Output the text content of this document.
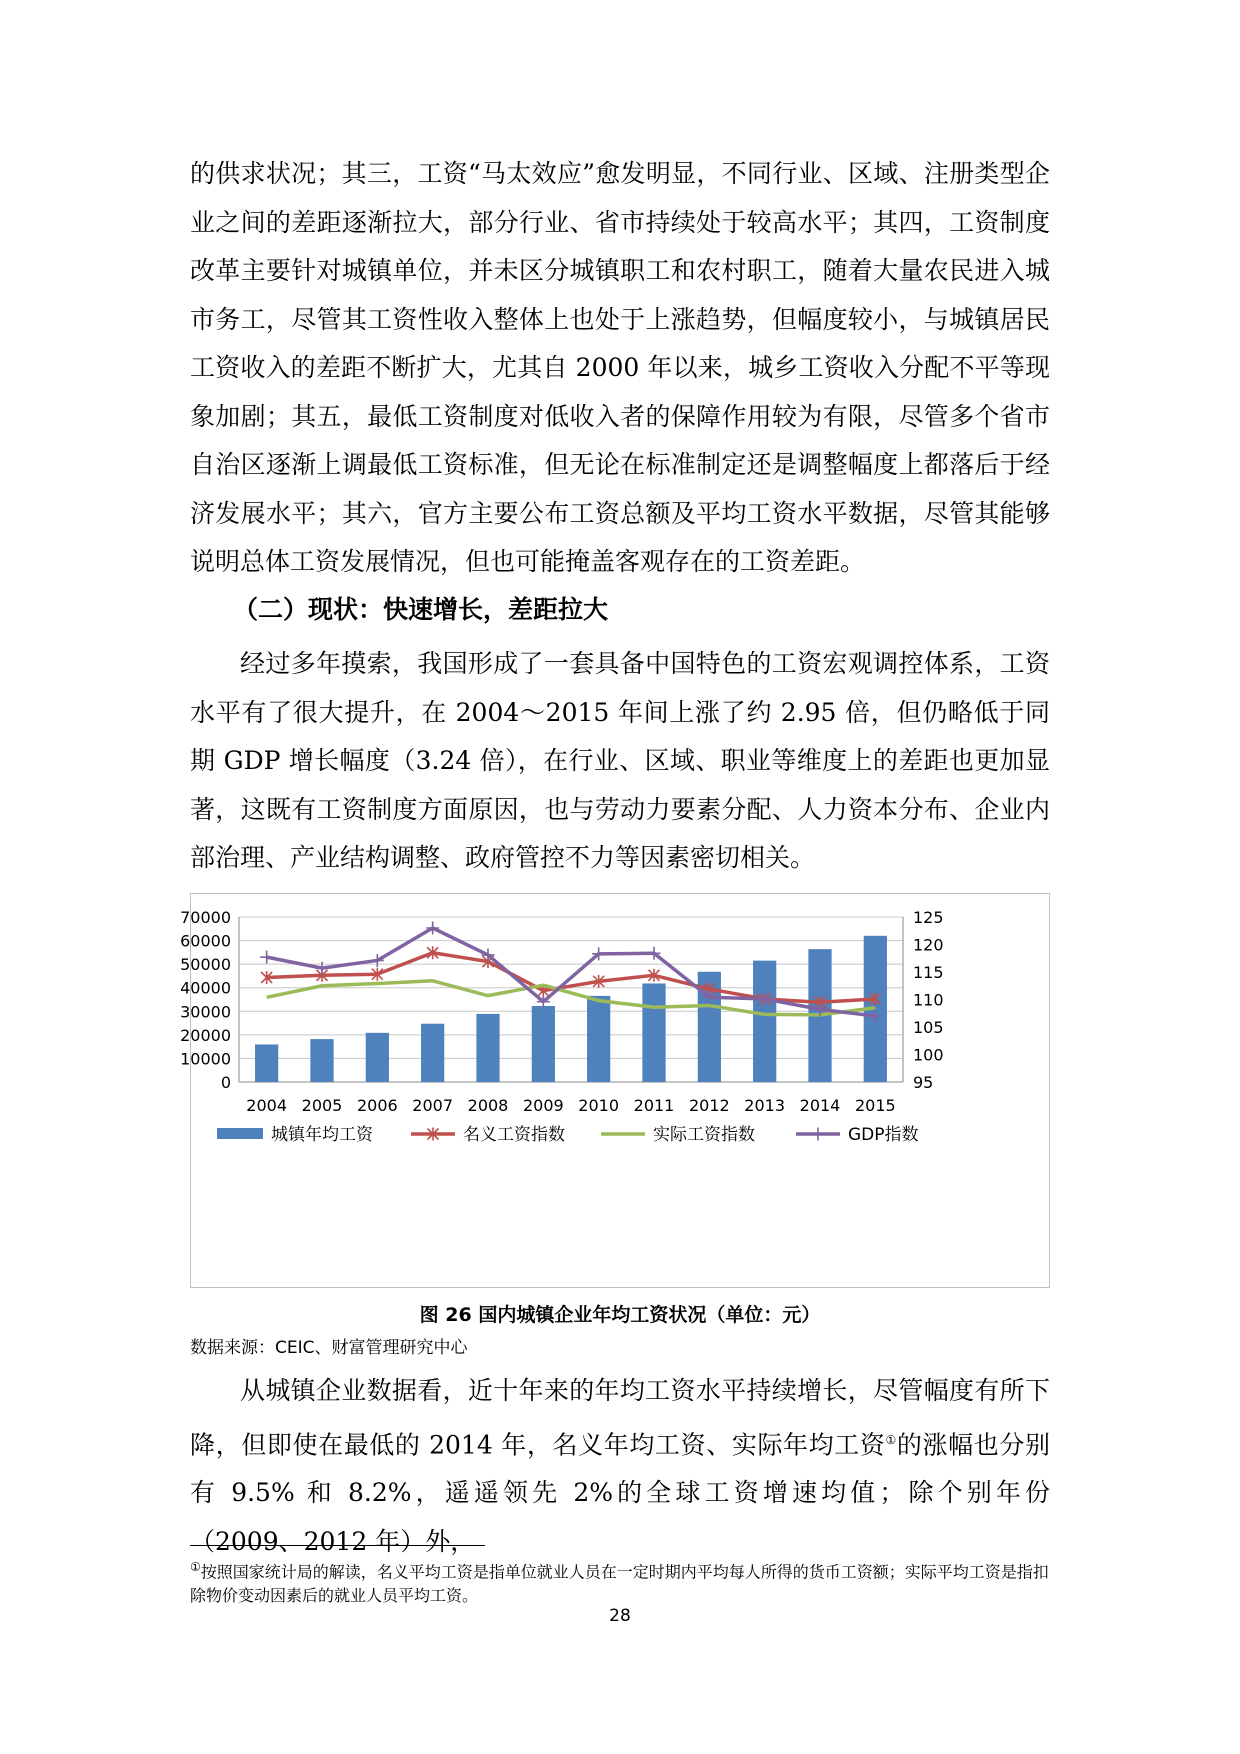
的供求状况；其三，工资“马太效应”愈发明显，不同行业、区域、注册类型企业之间的差距逐渐拉大，部分行业、省市持续处于较高水平；其四，工资制度改革主要针对城镇单位，并未区分城镇职工和农村职工，随着大量农民进入城市务工，尽管其工资性收入整体上也处于上涨趋势，但幅度较小，与城镇居民工资收入的差距不断扩大，尤其自 2000 年以来，城乡工资收入分配不平等现象加剧；其五，最低工资制度对低收入者的保障作用较为有限，尽管多个省市自治区逐渐上调最低工资标准，但无论在标准制定还是调整幅度上都落后于经济发展水平；其六，官方主要公布工资总额及平均工资水平数据，尽管其能够说明总体工资发展情况，但也可能掩盖客观存在的工资差距。

（二）现状：快速增长，差距拉大

经过多年摸索，我国形成了一套具备中国特色的工资宏观调控体系，工资水平有了很大提升，在 2004～2015 年间上涨了约 2.95 倍，但仍略低于同期 GDP 增长幅度（3.24 倍），在行业、区域、职业等维度上的差距也更加显著，这既有工资制度方面原因，也与劳动力要素分配、人力资本分布、企业内部治理、产业结构调整、政府管控不力等因素密切相关。

0
10000
20000
30000
40000
50000
60000
70000
95
100
105
110
115
120
125
2004 2005 2006 2007 2008 2009 2010 2011 2012 2013 2014 2015
城镇年均工资	名义工资指数	实际工资指数	GDP指数
图 26 国内城镇企业年均工资状况（单位：元）
数据来源：CEIC、财富管理研究中心

从城镇企业数据看，近十年来的年均工资水平持续增长，尽管幅度有所下降，但即使在最低的 2014 年，名义年均工资、实际年均工资①的涨幅也分别有 9.5% 和 8.2%，遥遥领先 2%的全球工资增速均值；除个别年份（2009、2012 年）外，

①按照国家统计局的解读，名义平均工资是指单位就业人员在一定时期内平均每人所得的货币工资额；实际平均工资是指扣除物价变动因素后的就业人员平均工资。
28
